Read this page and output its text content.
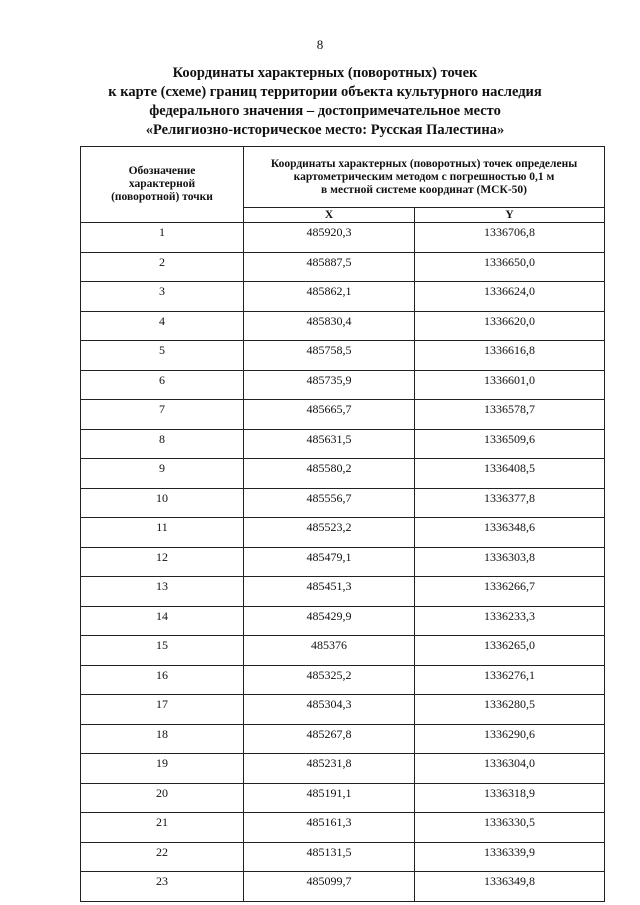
8
Координаты характерных (поворотных) точек
к карте (схеме) границ территории объекта культурного наследия
федерального значения – достопримечательное место
«Религиозно-историческое место: Русская Палестина»
Обозначение характерной (поворотной) точки	Координаты характерных (поворотных) точек определены
картометрическим методом с погрешностью 0,1 м
в местной системе координат (МСК-50)	

	X	Y
1	485920,3	1336706,8
2	485887,5	1336650,0
3	485862,1	1336624,0
4	485830,4	1336620,0
5	485758,5	1336616,8
6	485735,9	1336601,0
7	485665,7	1336578,7
8	485631,5	1336509,6
9	485580,2	1336408,5
10	485556,7	1336377,8
11	485523,2	1336348,6
12	485479,1	1336303,8
13	485451,3	1336266,7
14	485429,9	1336233,3
15	485376	1336265,0
16	485325,2	1336276,1
17	485304,3	1336280,5
18	485267,8	1336290,6
19	485231,8	1336304,0
20	485191,1	1336318,9
21	485161,3	1336330,5
22	485131,5	1336339,9
23	485099,7	1336349,8
